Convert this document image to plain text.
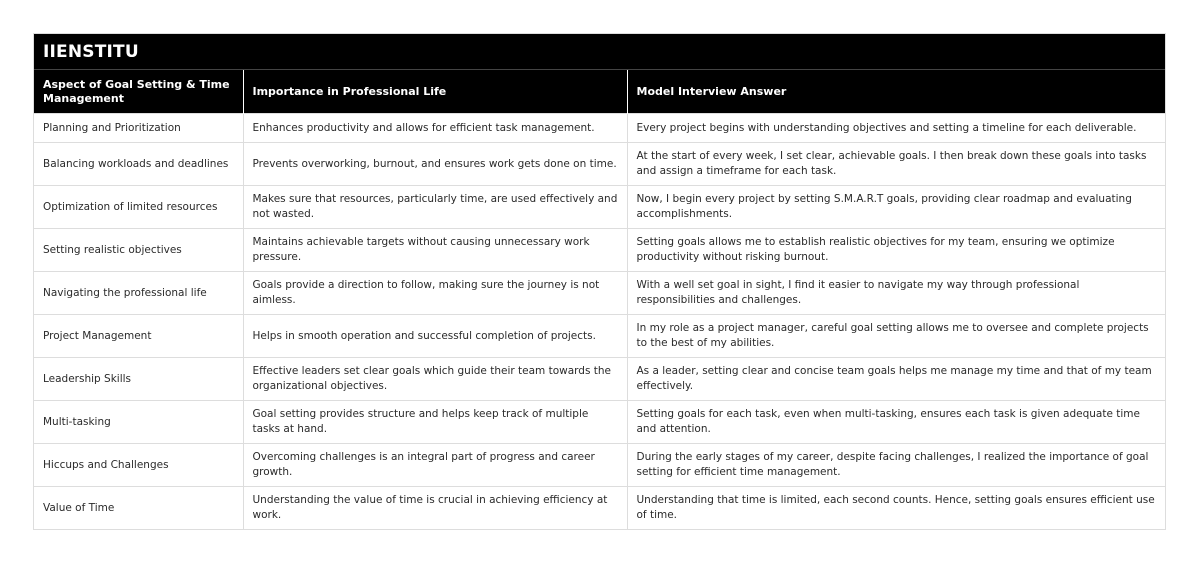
IIENSTITU
Aspect of Goal Setting & Time Management	Importance in Professional Life	Model Interview Answer
Planning and Prioritization	Enhances productivity and allows for efficient task management.	Every project begins with understanding objectives and setting a timeline for each deliverable.
Balancing workloads and deadlines	Prevents overworking, burnout, and ensures work gets done on time.	At the start of every week, I set clear, achievable goals. I then break down these goals into tasks and assign a timeframe for each task.
Optimization of limited resources	Makes sure that resources, particularly time, are used effectively and not wasted.	Now, I begin every project by setting S.M.A.R.T goals, providing clear roadmap and evaluating accomplishments.
Setting realistic objectives	Maintains achievable targets without causing unnecessary work pressure.	Setting goals allows me to establish realistic objectives for my team, ensuring we optimize productivity without risking burnout.
Navigating the professional life	Goals provide a direction to follow, making sure the journey is not aimless.	With a well set goal in sight, I find it easier to navigate my way through professional responsibilities and challenges.
Project Management	Helps in smooth operation and successful completion of projects.	In my role as a project manager, careful goal setting allows me to oversee and complete projects to the best of my abilities.
Leadership Skills	Effective leaders set clear goals which guide their team towards the organizational objectives.	As a leader, setting clear and concise team goals helps me manage my time and that of my team effectively.
Multi-tasking	Goal setting provides structure and helps keep track of multiple tasks at hand.	Setting goals for each task, even when multi-tasking, ensures each task is given adequate time and attention.
Hiccups and Challenges	Overcoming challenges is an integral part of progress and career growth.	During the early stages of my career, despite facing challenges, I realized the importance of goal setting for efficient time management.
Value of Time	Understanding the value of time is crucial in achieving efficiency at work.	Understanding that time is limited, each second counts. Hence, setting goals ensures efficient use of time.
